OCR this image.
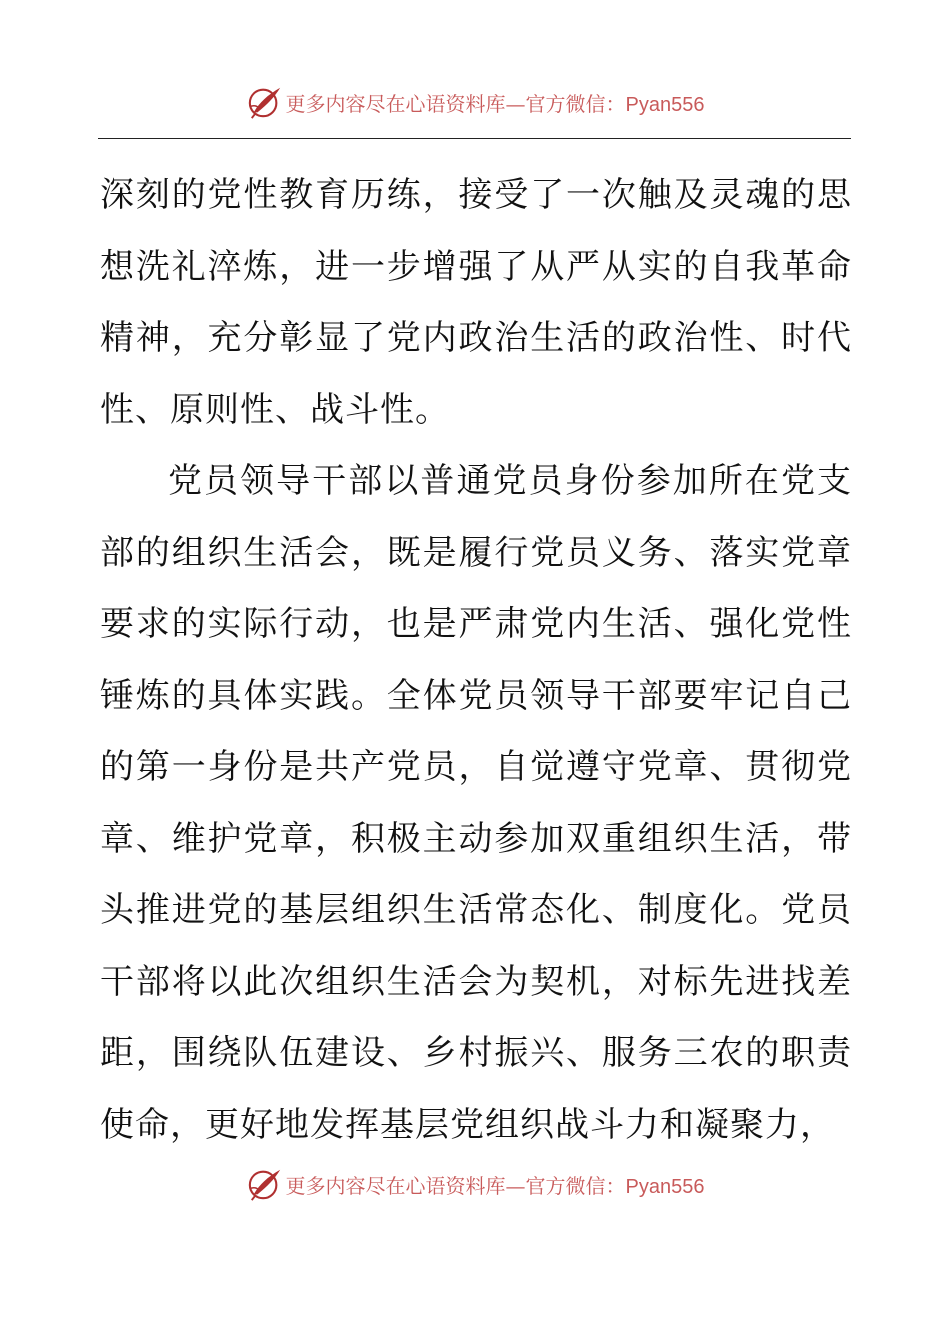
更多内容尽在心语资料库—官方微信：Pyan556

深刻的党性教育历练，接受了一次触及灵魂的思想洗礼淬炼，进一步增强了从严从实的自我革命精神，充分彰显了党内政治生活的政治性、时代性、原则性、战斗性。

党员领导干部以普通党员身份参加所在党支部的组织生活会，既是履行党员义务、落实党章要求的实际行动，也是严肃党内生活、强化党性锤炼的具体实践。全体党员领导干部要牢记自己的第一身份是共产党员，自觉遵守党章、贯彻党章、维护党章，积极主动参加双重组织生活，带头推进党的基层组织生活常态化、制度化。党员干部将以此次组织生活会为契机，对标先进找差距，围绕队伍建设、乡村振兴、服务三农的职责使命，更好地发挥基层党组织战斗力和凝聚力，

更多内容尽在心语资料库—官方微信：Pyan556
